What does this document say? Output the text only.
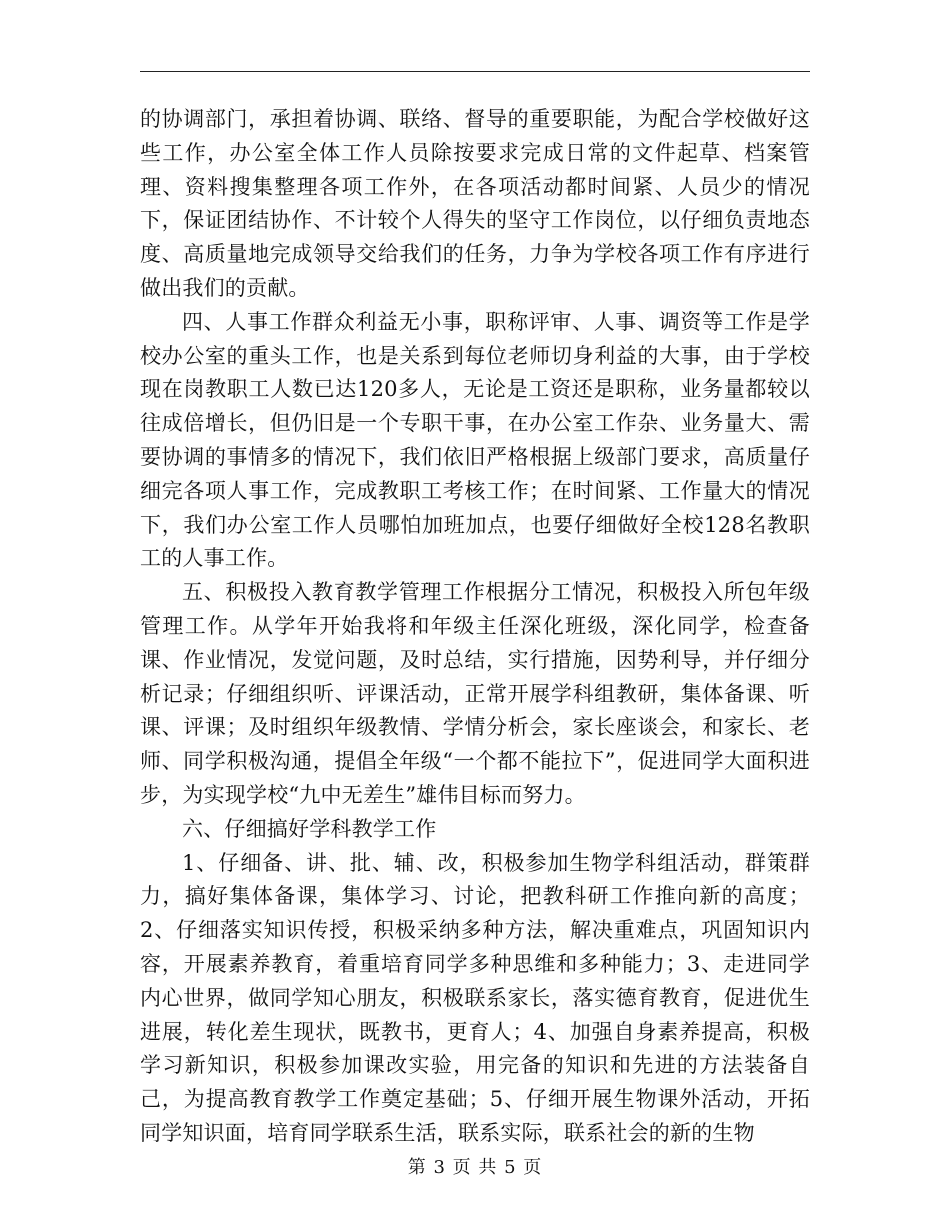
的协调部门，承担着协调、联络、督导的重要职能，为配合学校做好这些工作，办公室全体工作人员除按要求完成日常的文件起草、档案管理、资料搜集整理各项工作外，在各项活动都时间紧、人员少的情况下，保证团结协作、不计较个人得失的坚守工作岗位，以仔细负责地态度、高质量地完成领导交给我们的任务，力争为学校各项工作有序进行做出我们的贡献。

四、人事工作群众利益无小事，职称评审、人事、调资等工作是学校办公室的重头工作，也是关系到每位老师切身利益的大事，由于学校现在岗教职工人数已达120多人，无论是工资还是职称，业务量都较以往成倍增长，但仍旧是一个专职干事，在办公室工作杂、业务量大、需要协调的事情多的情况下，我们依旧严格根据上级部门要求，高质量仔细完各项人事工作，完成教职工考核工作；在时间紧、工作量大的情况下，我们办公室工作人员哪怕加班加点，也要仔细做好全校128名教职工的人事工作。

五、积极投入教育教学管理工作根据分工情况，积极投入所包年级管理工作。从学年开始我将和年级主任深化班级，深化同学，检查备课、作业情况，发觉问题，及时总结，实行措施，因势利导，并仔细分析记录；仔细组织听、评课活动，正常开展学科组教研，集体备课、听课、评课；及时组织年级教情、学情分析会，家长座谈会，和家长、老师、同学积极沟通，提倡全年级“一个都不能拉下”，促进同学大面积进步，为实现学校“九中无差生”雄伟目标而努力。

六、仔细搞好学科教学工作

1、仔细备、讲、批、辅、改，积极参加生物学科组活动，群策群力，搞好集体备课，集体学习、讨论，把教科研工作推向新的高度；2、仔细落实知识传授，积极采纳多种方法，解决重难点，巩固知识内容，开展素养教育，着重培育同学多种思维和多种能力；3、走进同学内心世界，做同学知心朋友，积极联系家长，落实德育教育，促进优生进展，转化差生现状，既教书，更育人；4、加强自身素养提高，积极学习新知识，积极参加课改实验，用完备的知识和先进的方法装备自己，为提高教育教学工作奠定基础；5、仔细开展生物课外活动，开拓同学知识面，培育同学联系生活，联系实际，联系社会的新的生物

第 3 页 共 5 页
